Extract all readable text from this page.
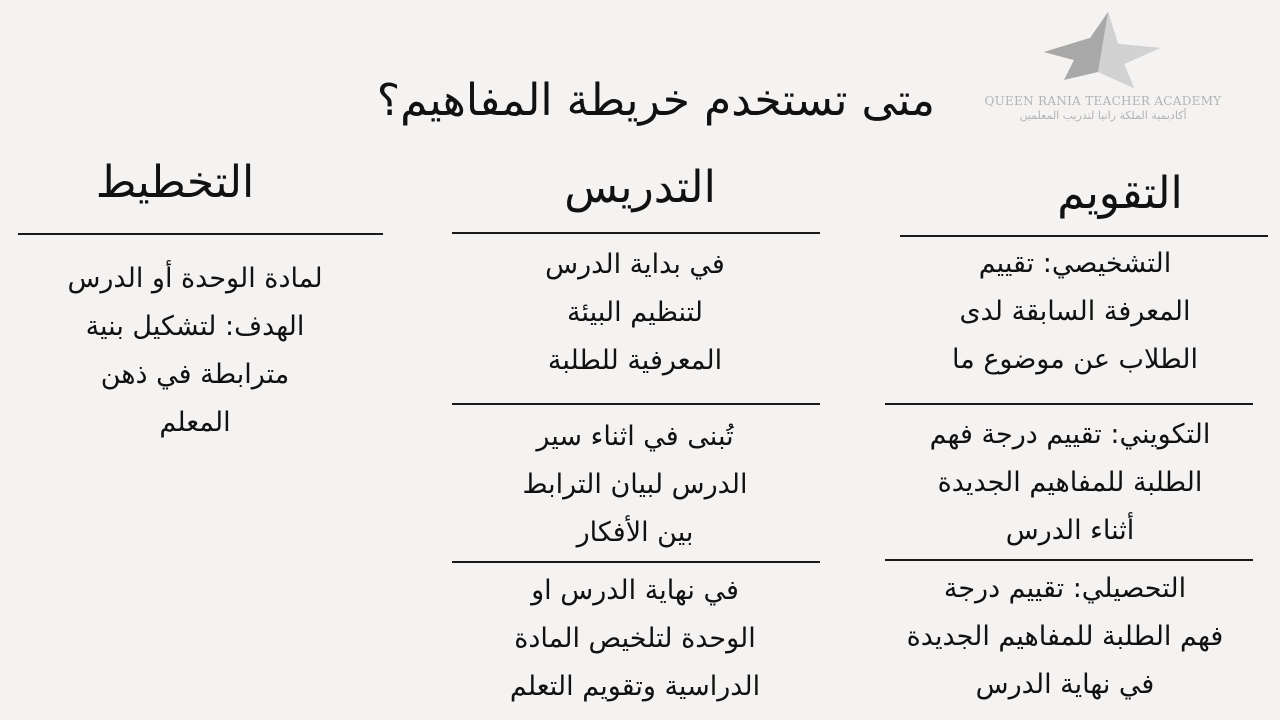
متى تستخدم خريطة المفاهيم؟	QUEEN RANIA TEACHER ACADEMY
أكاديمية الملكة رانيا لتدريب المعلمين
التقويم
التدريس
التخطيط
التشخيصي: تقييم
المعرفة السابقة لدى
الطلاب عن موضوع ما
التكويني: تقييم درجة فهم
الطلبة للمفاهيم الجديدة
أثناء الدرس
التحصيلي: تقييم درجة
فهم الطلبة للمفاهيم الجديدة
في نهاية الدرس
في بداية الدرس
لتنظيم البيئة
المعرفية للطلبة
تُبنى في اثناء سير
الدرس لبيان الترابط
بين الأفكار
في نهاية الدرس او
الوحدة لتلخيص المادة
الدراسية وتقويم التعلم
لمادة الوحدة أو الدرس
الهدف: لتشكيل بنية
مترابطة في ذهن
المعلم
